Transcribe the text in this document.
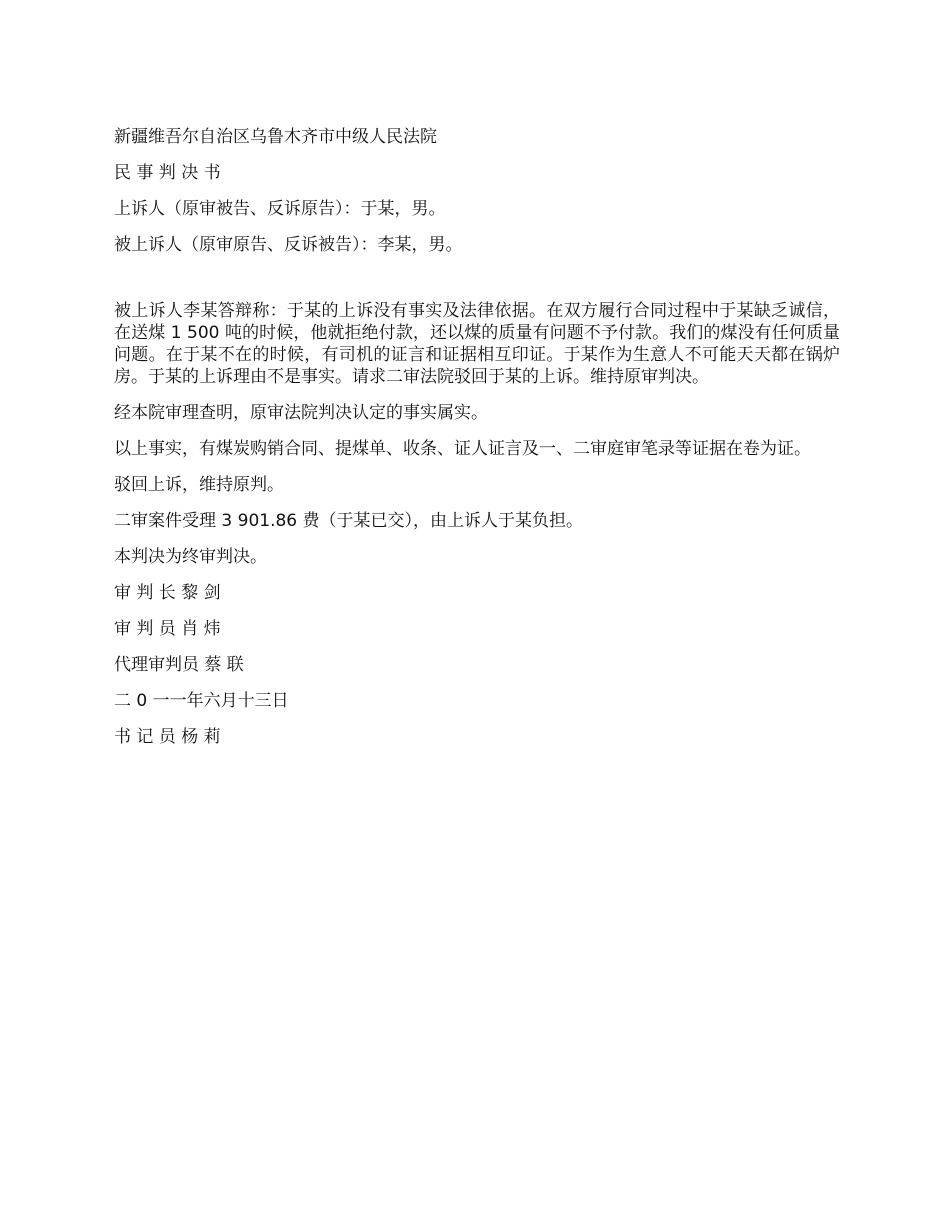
新疆维吾尔自治区乌鲁木齐市中级人民法院
民 事 判 决 书
上诉人（原审被告、反诉原告）：于某，男。
被上诉人（原审原告、反诉被告）：李某，男。
被上诉人李某答辩称：于某的上诉没有事实及法律依据。在双方履行合同过程中于某缺乏诚信，在送煤 1 500 吨的时候，他就拒绝付款，还以煤的质量有问题不予付款。我们的煤没有任何质量问题。在于某不在的时候，有司机的证言和证据相互印证。于某作为生意人不可能天天都在锅炉房。于某的上诉理由不是事实。请求二审法院驳回于某的上诉。维持原审判决。
经本院审理查明，原审法院判决认定的事实属实。
以上事实，有煤炭购销合同、提煤单、收条、证人证言及一、二审庭审笔录等证据在卷为证。
驳回上诉，维持原判。
二审案件受理 3 901.86 费（于某已交），由上诉人于某负担。
本判决为终审判决。
审 判 长 黎 剑
审 判 员 肖 炜
代理审判员 蔡 联
二 0 一一年六月十三日
书 记 员 杨 莉
